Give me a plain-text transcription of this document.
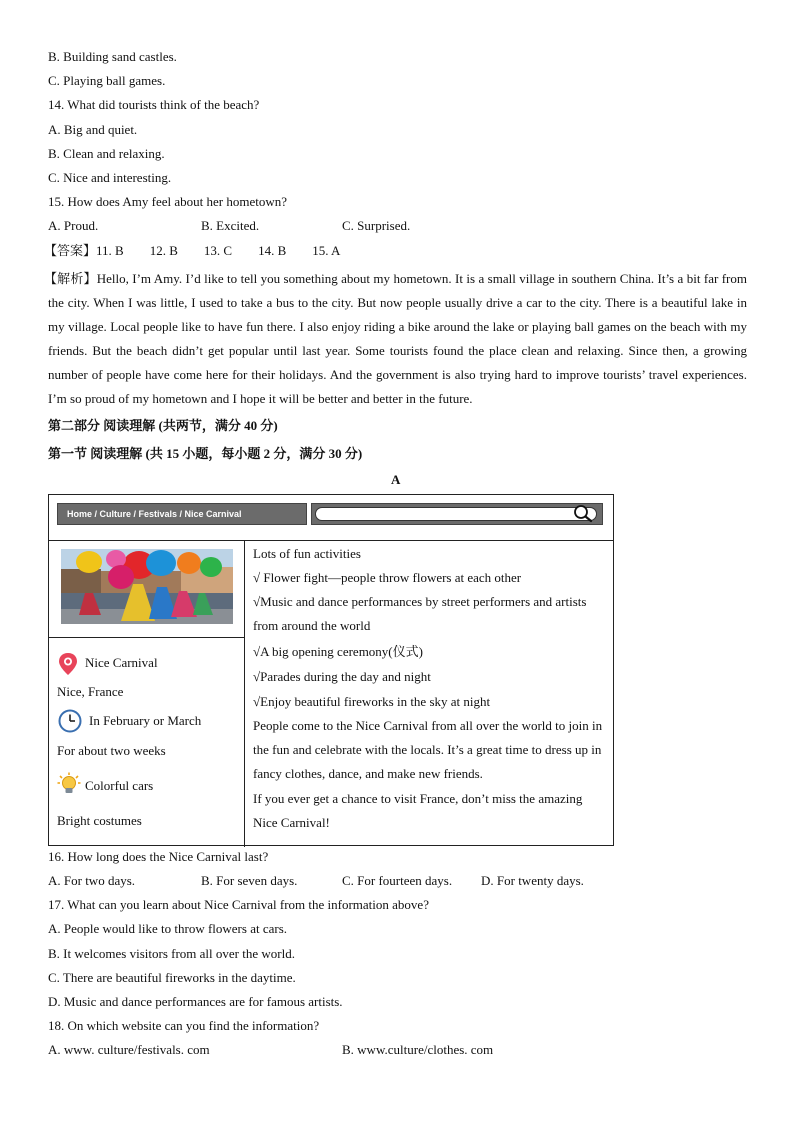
B. Building sand castles.
C. Playing ball games.
14. What did tourists think of the beach?
A. Big and quiet.
B. Clean and relaxing.
C. Nice and interesting.
15. How does Amy feel about her hometown?
A. Proud.	B. Excited.	C. Surprised.
【答案】11. B 12. B 13. C 14. B 15. A
【解析】Hello, I’m Amy. I’d like to tell you something about my hometown. It is a small village in southern China. It’s a bit far from the city. When I was little, I used to take a bus to the city. But now people usually drive a car to the city. There is a beautiful lake in my village. Local people like to have fun there. I also enjoy riding a bike around the lake or playing ball games on the beach with my friends. But the beach didn’t get popular until last year. Some tourists found the place clean and relaxing. Since then, a growing number of people have come here for their holidays. And the government is also trying hard to improve tourists’ travel experiences. I’m so proud of my hometown and I hope it will be better and better in the future.
第二部分 阅读理解 (共两节，满分 40 分)
第一节 阅读理解 (共 15 小题，每小题 2 分，满分 30 分)
A
Home / Culture / Festivals / Nice Carnival
Nice Carnival
Nice, France
In February or March
For about two weeks
Colorful cars
Bright costumes
Lots of fun activities
√ Flower fight—people throw flowers at each other
√Music and dance performances by street performers and artists from around the world
√A big opening ceremony(仪式)
√Parades during the day and night
√Enjoy beautiful fireworks in the sky at night
People come to the Nice Carnival from all over the world to join in the fun and celebrate with the locals. It’s a great time to dress up in fancy clothes, dance, and make new friends.
If you ever get a chance to visit France, don’t miss the amazing Nice Carnival!
16. How long does the Nice Carnival last?
A. For two days.	B. For seven days.	C. For fourteen days. D. For twenty days.
17. What can you learn about Nice Carnival from the information above?
A. People would like to throw flowers at cars.
B. It welcomes visitors from all over the world.
C. There are beautiful fireworks in the daytime.
D. Music and dance performances are for famous artists.
18. On which website can you find the information?
A. www. culture/festivals. com	B. www.culture/clothes. com
